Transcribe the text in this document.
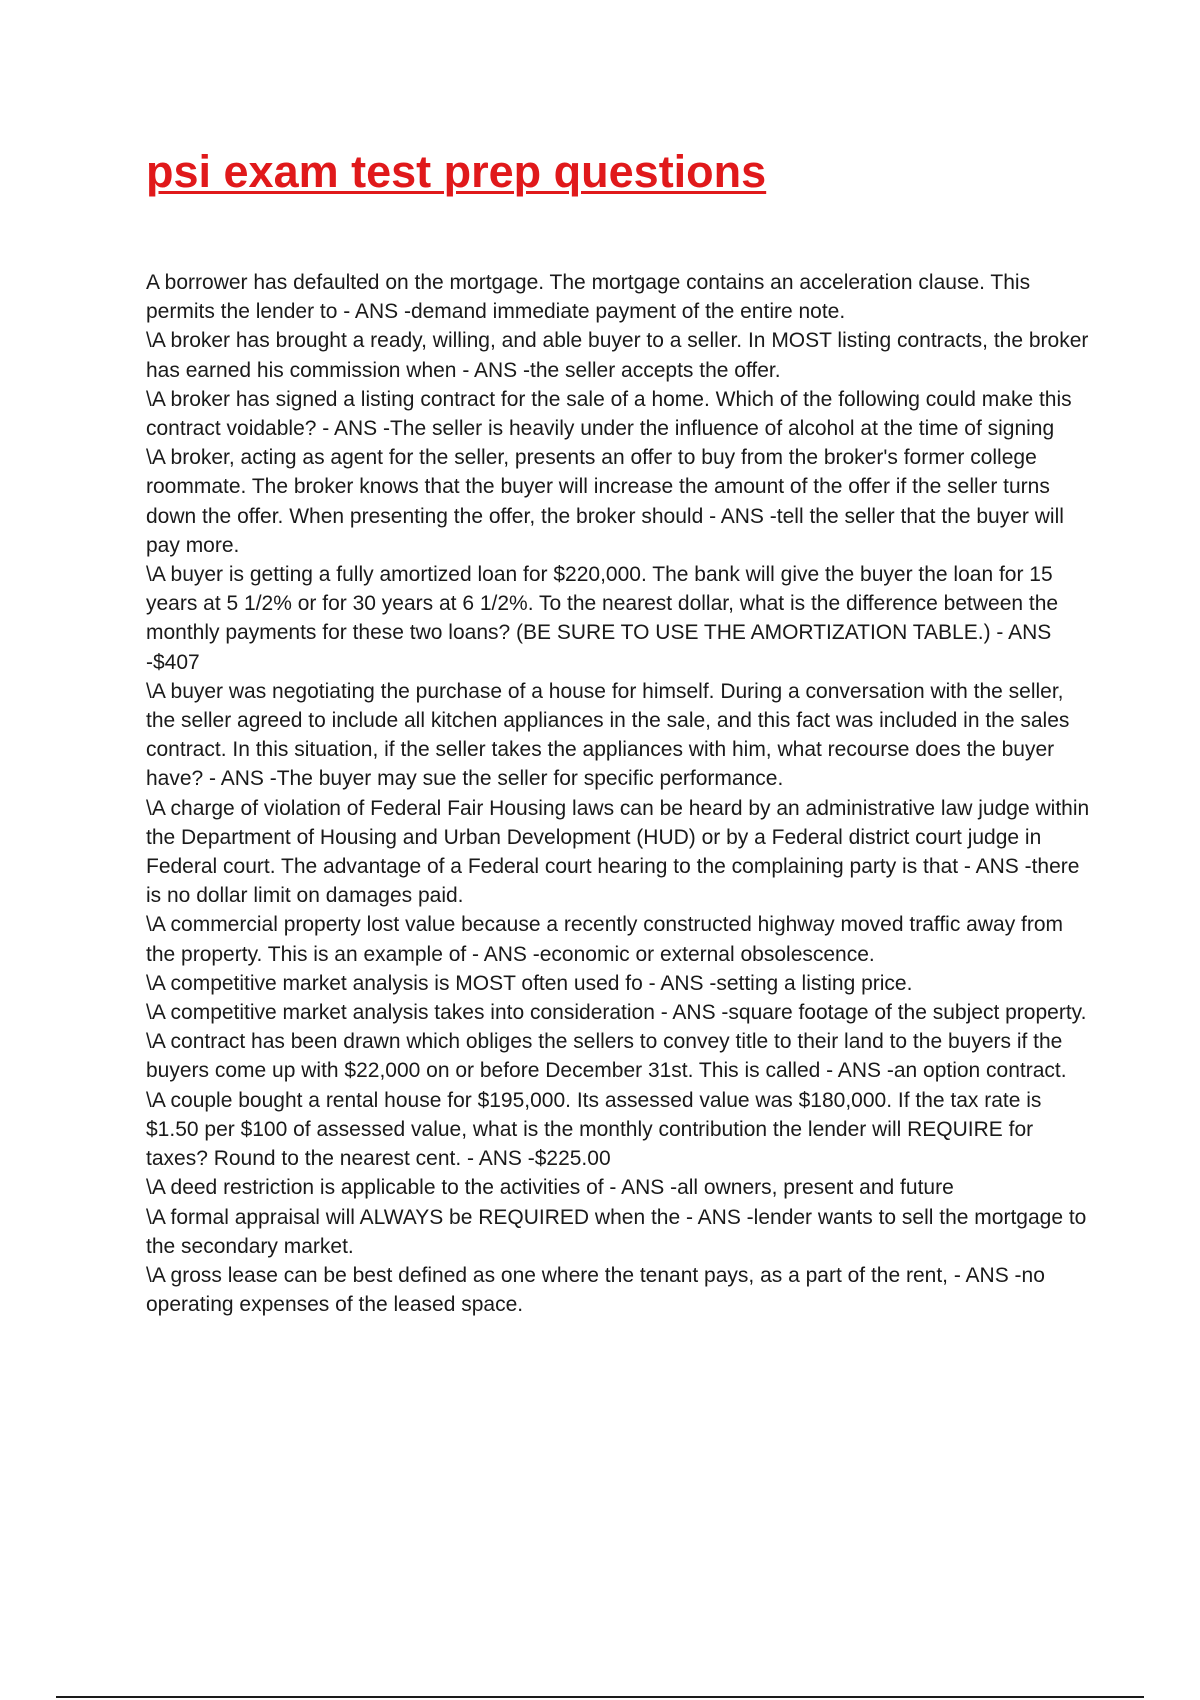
psi exam test prep questions

A borrower has defaulted on the mortgage. The mortgage contains an acceleration clause. This permits the lender to - ANS -demand immediate payment of the entire note.

\A broker has brought a ready, willing, and able buyer to a seller. In MOST listing contracts, the broker has earned his commission when - ANS -the seller accepts the offer.

\A broker has signed a listing contract for the sale of a home. Which of the following could make this contract voidable? - ANS -The seller is heavily under the influence of alcohol at the time of signing

\A broker, acting as agent for the seller, presents an offer to buy from the broker's former college roommate. The broker knows that the buyer will increase the amount of the offer if the seller turns down the offer. When presenting the offer, the broker should - ANS -tell the seller that the buyer will pay more.

\A buyer is getting a fully amortized loan for $220,000. The bank will give the buyer the loan for 15 years at 5 1/2% or for 30 years at 6 1/2%. To the nearest dollar, what is the difference between the monthly payments for these two loans? (BE SURE TO USE THE AMORTIZATION TABLE.) - ANS -$407

\A buyer was negotiating the purchase of a house for himself. During a conversation with the seller, the seller agreed to include all kitchen appliances in the sale, and this fact was included in the sales contract. In this situation, if the seller takes the appliances with him, what recourse does the buyer have? - ANS -The buyer may sue the seller for specific performance.

\A charge of violation of Federal Fair Housing laws can be heard by an administrative law judge within the Department of Housing and Urban Development (HUD) or by a Federal district court judge in Federal court. The advantage of a Federal court hearing to the complaining party is that - ANS -there is no dollar limit on damages paid.

\A commercial property lost value because a recently constructed highway moved traffic away from the property. This is an example of - ANS -economic or external obsolescence.

\A competitive market analysis is MOST often used fo - ANS -setting a listing price.

\A competitive market analysis takes into consideration - ANS -square footage of the subject property.

\A contract has been drawn which obliges the sellers to convey title to their land to the buyers if the buyers come up with $22,000 on or before December 31st. This is called - ANS -an option contract.

\A couple bought a rental house for $195,000. Its assessed value was $180,000. If the tax rate is $1.50 per $100 of assessed value, what is the monthly contribution the lender will REQUIRE for taxes? Round to the nearest cent. - ANS -$225.00

\A deed restriction is applicable to the activities of - ANS -all owners, present and future

\A formal appraisal will ALWAYS be REQUIRED when the - ANS -lender wants to sell the mortgage to the secondary market.

\A gross lease can be best defined as one where the tenant pays, as a part of the rent, - ANS -no operating expenses of the leased space.
